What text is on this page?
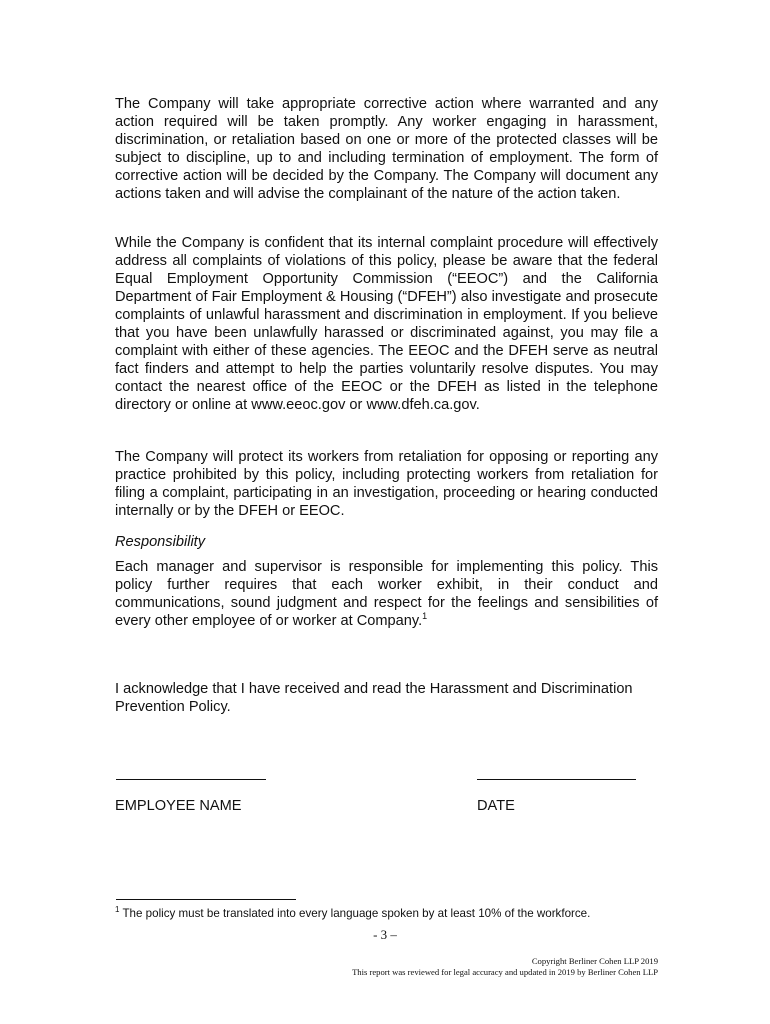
The Company will take appropriate corrective action where warranted and any action required will be taken promptly. Any worker engaging in harassment, discrimination, or retaliation based on one or more of the protected classes will be subject to discipline, up to and including termination of employment. The form of corrective action will be decided by the Company. The Company will document any actions taken and will advise the complainant of the nature of the action taken.

While the Company is confident that its internal complaint procedure will effectively address all complaints of violations of this policy, please be aware that the federal Equal Employment Opportunity Commission (“EEOC”) and the California Department of Fair Employment & Housing (“DFEH”) also investigate and prosecute complaints of unlawful harassment and discrimination in employment. If you believe that you have been unlawfully harassed or discriminated against, you may file a complaint with either of these agencies. The EEOC and the DFEH serve as neutral fact finders and attempt to help the parties voluntarily resolve disputes. You may contact the nearest office of the EEOC or the DFEH as listed in the telephone directory or online at www.eeoc.gov or www.dfeh.ca.gov.

The Company will protect its workers from retaliation for opposing or reporting any practice prohibited by this policy, including protecting workers from retaliation for filing a complaint, participating in an investigation, proceeding or hearing conducted internally or by the DFEH or EEOC.

Responsibility

Each manager and supervisor is responsible for implementing this policy. This policy further requires that each worker exhibit, in their conduct and communications, sound judgment and respect for the feelings and sensibilities of every other employee of or worker at Company.$^1$

I acknowledge that I have received and read the Harassment and Discrimination Prevention Policy.

EMPLOYEE NAME	DATE

$^1$ The policy must be translated into every language spoken by at least 10% of the workforce.

- 3 –

Copyright Berliner Cohen LLP 2019
This report was reviewed for legal accuracy and updated in 2019 by Berliner Cohen LLP
